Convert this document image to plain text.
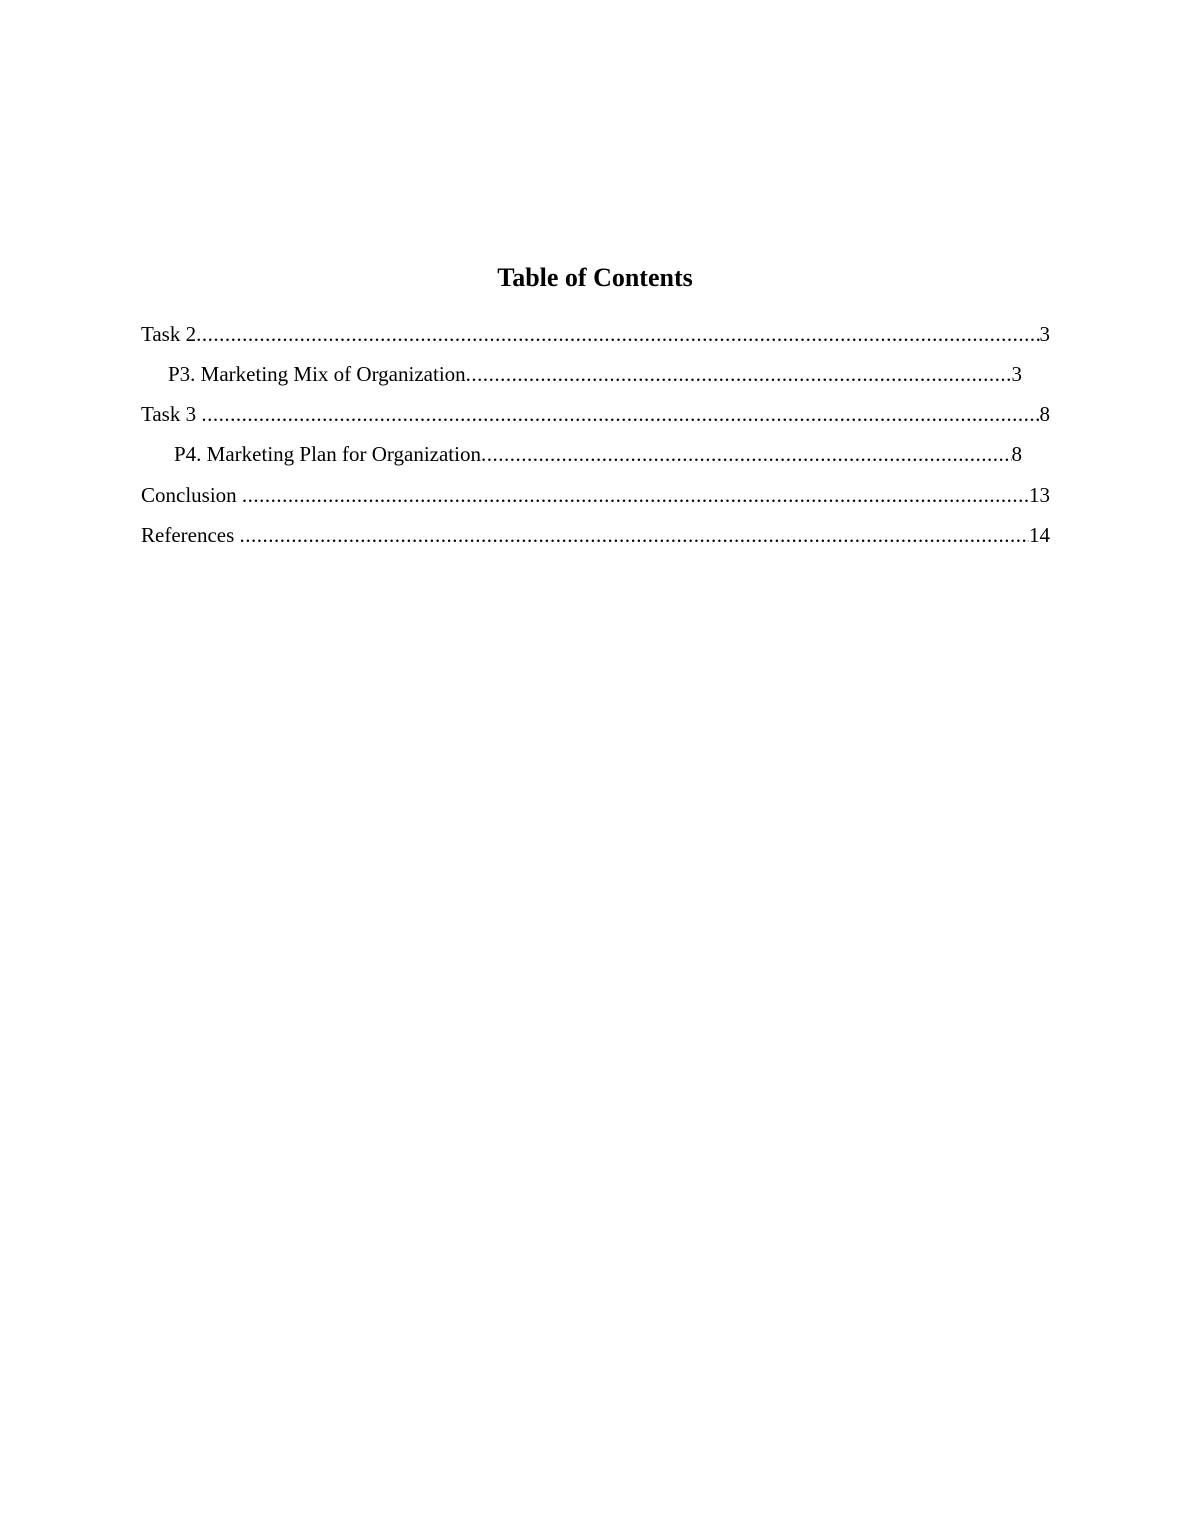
Table of Contents
Task 2 .....	3
P3. Marketing Mix of Organization .....	3
Task 3 .....	8
P4. Marketing Plan for Organization .....	8
Conclusion .....	13
References .....	14
